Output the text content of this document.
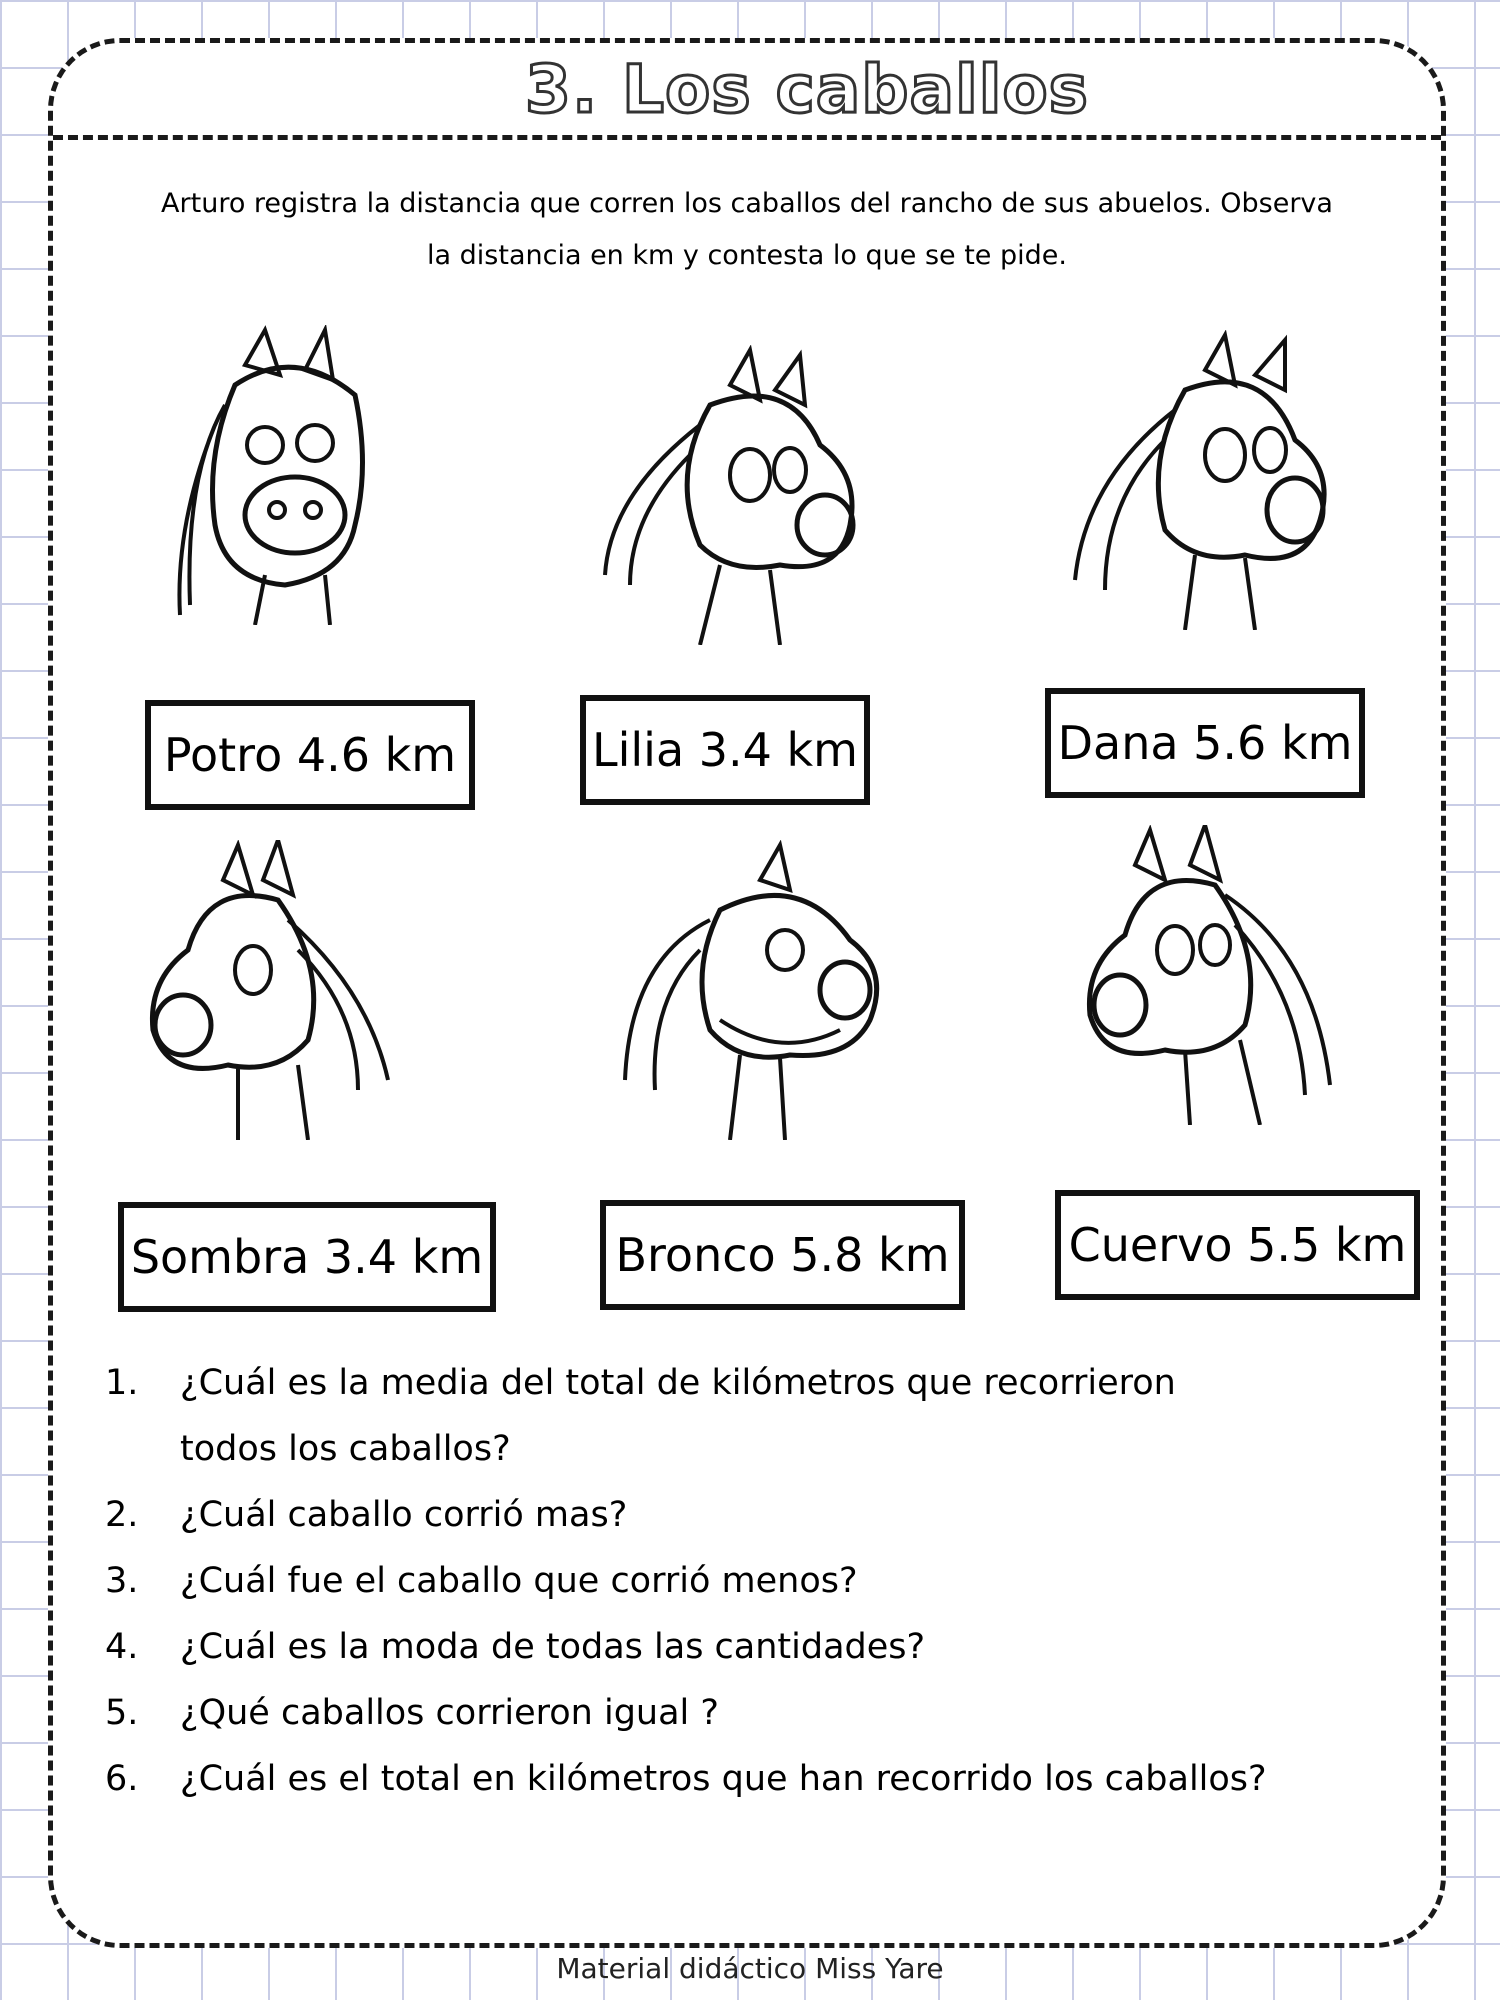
3. Los caballos
Arturo registra la distancia que corren los caballos del rancho de sus abuelos. Observa
la distancia en km y contesta lo que se te pide.
Potro 4.6 km	Lilia 3.4 km	Dana 5.6 km
Sombra 3.4 km	Bronco 5.8 km	Cuervo 5.5 km
1.	¿Cuál es la media del total de kilómetros que recorrieron
todos los caballos?
2.	¿Cuál caballo corrió mas?
3.	¿Cuál fue el caballo que corrió menos?
4.	¿Cuál es la moda de todas las cantidades?
5.	¿Qué caballos corrieron igual ?
6.	¿Cuál es el total en kilómetros que han recorrido los caballos?
Material didáctico Miss Yare
